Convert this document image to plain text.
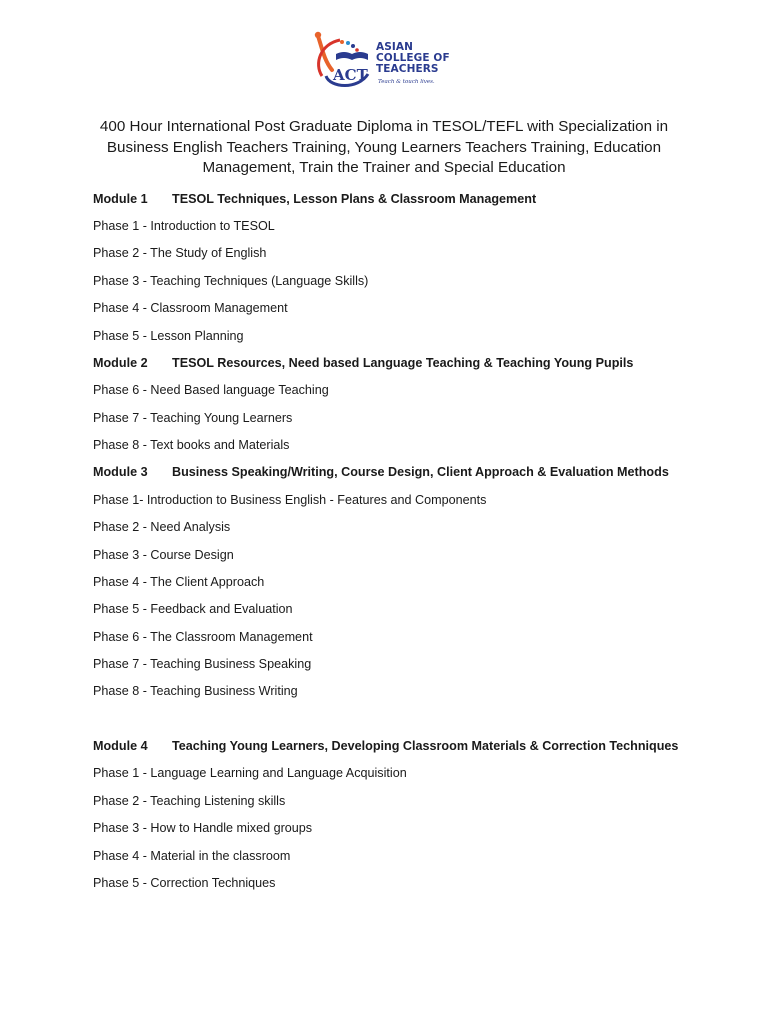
ACT
ASIAN
COLLEGE OF
TEACHERS
Teach & touch lives.
400 Hour International Post Graduate Diploma in TESOL/TEFL with Specialization in
Business English Teachers Training, Young Learners Teachers Training, Education
Management, Train the Trainer and Special Education
Module 1 TESOL Techniques, Lesson Plans & Classroom Management
Phase 1 - Introduction to TESOL
Phase 2 - The Study of English
Phase 3 - Teaching Techniques (Language Skills)
Phase 4 - Classroom Management
Phase 5 - Lesson Planning
Module 2 TESOL Resources, Need based Language Teaching & Teaching Young Pupils
Phase 6 - Need Based language Teaching
Phase 7 - Teaching Young Learners
Phase 8 - Text books and Materials
Module 3 Business Speaking/Writing, Course Design, Client Approach & Evaluation Methods
Phase 1- Introduction to Business English - Features and Components
Phase 2 - Need Analysis
Phase 3 - Course Design
Phase 4 - The Client Approach
Phase 5 - Feedback and Evaluation
Phase 6 - The Classroom Management
Phase 7 - Teaching Business Speaking
Phase 8 - Teaching Business Writing
Module 4 Teaching Young Learners, Developing Classroom Materials & Correction Techniques
Phase 1 - Language Learning and Language Acquisition
Phase 2 - Teaching Listening skills
Phase 3 - How to Handle mixed groups
Phase 4 - Material in the classroom
Phase 5 - Correction Techniques
